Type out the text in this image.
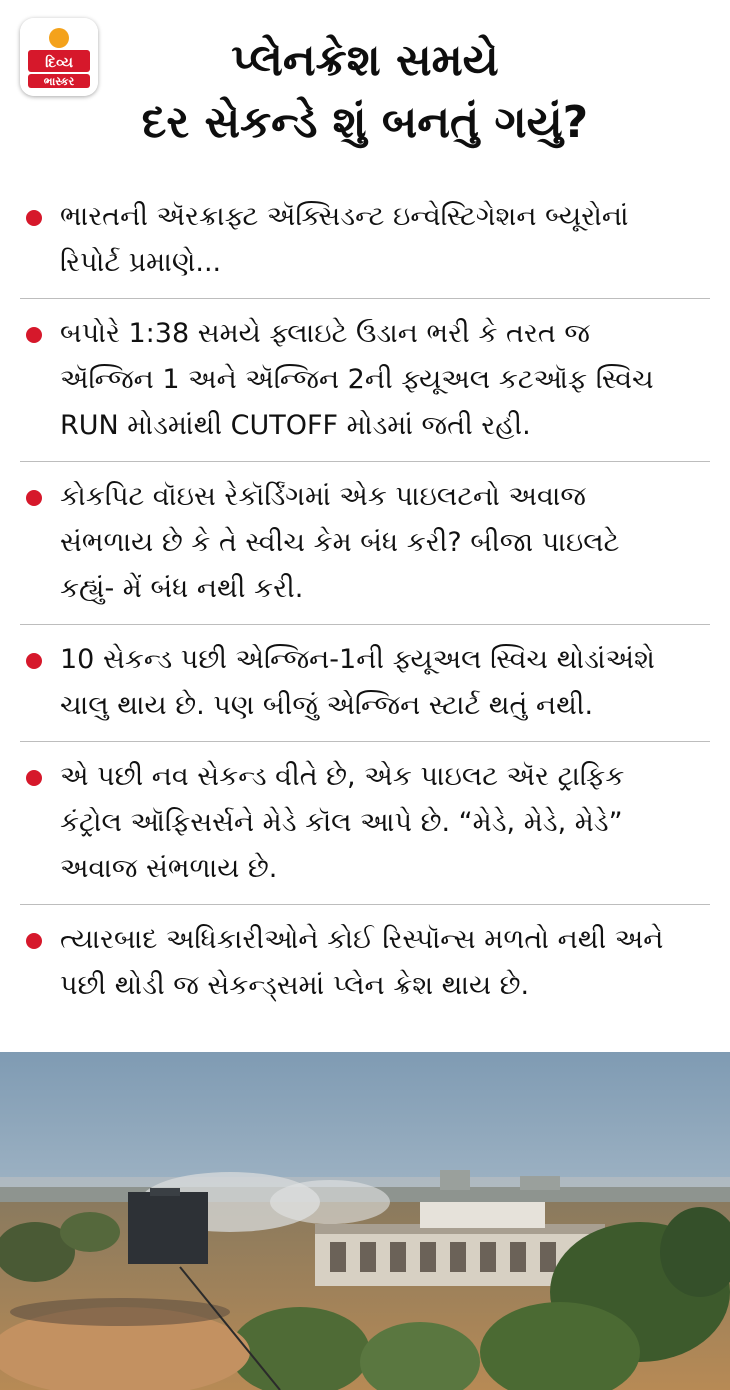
દિવ્ય
ભાસ્કર	પ્લેનક્રેશ સમયે
દર સેકન્ડે શું બનતું ગયું?
ભારતની ઍરક્રાફ્ટ ઍક્સિડન્ટ ઇન્વેસ્ટિગેશન બ્યૂરોનાં રિપોર્ટ પ્રમાણે...
બપોરે 1:38 સમયે ફ્લાઇટે ઉડાન ભરી કે તરત જ ઍન્જિન 1 અને ઍન્જિન 2ની ફ્યૂઅલ કટઑફ સ્વિચ RUN મોડમાંથી CUTOFF મોડમાં જતી રહી.
કોકપિટ વૉઇસ રેકૉર્ડિંગમાં એક પાઇલટનો અવાજ સંભળાય છે કે તે સ્વીચ કેમ બંધ કરી? બીજા પાઇલટે કહ્યું- મેં બંધ નથી કરી.
10 સેકન્ડ પછી એન્જિન-1ની ફ્યૂઅલ સ્વિચ થોડાંઅંશે ચાલુ થાય છે. પણ બીજું એન્જિન સ્ટાર્ટ થતું નથી.
એ પછી નવ સેકન્ડ વીતે છે, એક પાઇલટ ઍર ટ્રાફિક કંટ્રોલ ઑફિસર્સને મેડે કૉલ આપે છે. “મેડે, મેડે, મેડે” અવાજ સંભળાય છે.
ત્યારબાદ અધિકારીઓને કોઈ રિસ્પૉન્સ મળતો નથી અને પછી થોડી જ સેકન્ડ્સમાં પ્લેન ક્રેશ થાય છે.
